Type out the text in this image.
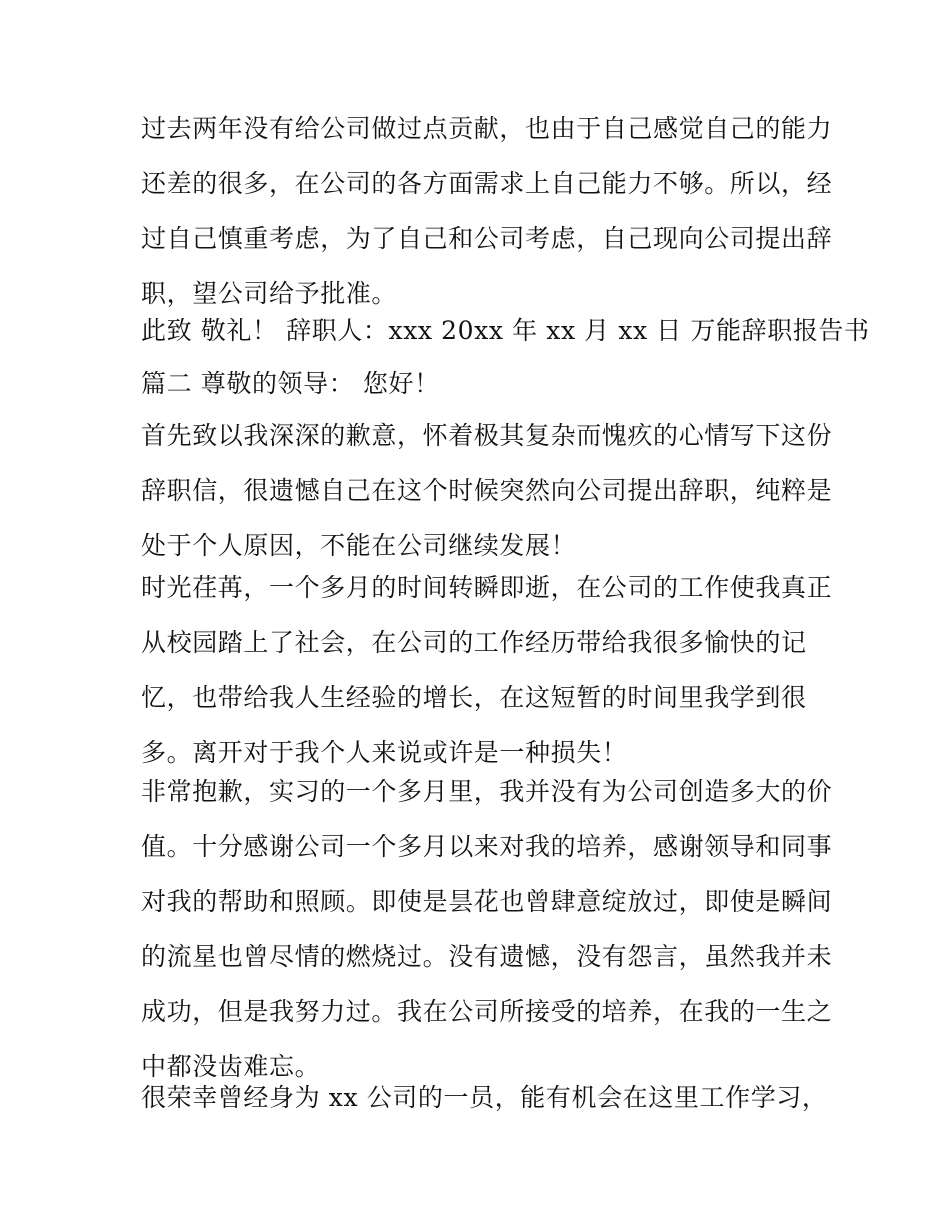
过去两年没有给公司做过点贡献，也由于自己感觉自己的能力
还差的很多，在公司的各方面需求上自己能力不够。所以，经
过自己慎重考虑，为了自己和公司考虑，自己现向公司提出辞
职，望公司给予批准。
此致 敬礼！ 辞职人：xxx 20xx 年 xx 月 xx 日 万能辞职报告书
篇二 尊敬的领导： 您好！
首先致以我深深的歉意，怀着极其复杂而愧疚的心情写下这份
辞职信，很遗憾自己在这个时候突然向公司提出辞职，纯粹是
处于个人原因，不能在公司继续发展！
时光荏苒，一个多月的时间转瞬即逝，在公司的工作使我真正
从校园踏上了社会，在公司的工作经历带给我很多愉快的记
忆，也带给我人生经验的增长，在这短暂的时间里我学到很
多。离开对于我个人来说或许是一种损失！
非常抱歉，实习的一个多月里，我并没有为公司创造多大的价
值。十分感谢公司一个多月以来对我的培养，感谢领导和同事
对我的帮助和照顾。即使是昙花也曾肆意绽放过，即使是瞬间
的流星也曾尽情的燃烧过。没有遗憾，没有怨言，虽然我并未
成功，但是我努力过。我在公司所接受的培养，在我的一生之
中都没齿难忘。
很荣幸曾经身为 xx 公司的一员，能有机会在这里工作学习，
